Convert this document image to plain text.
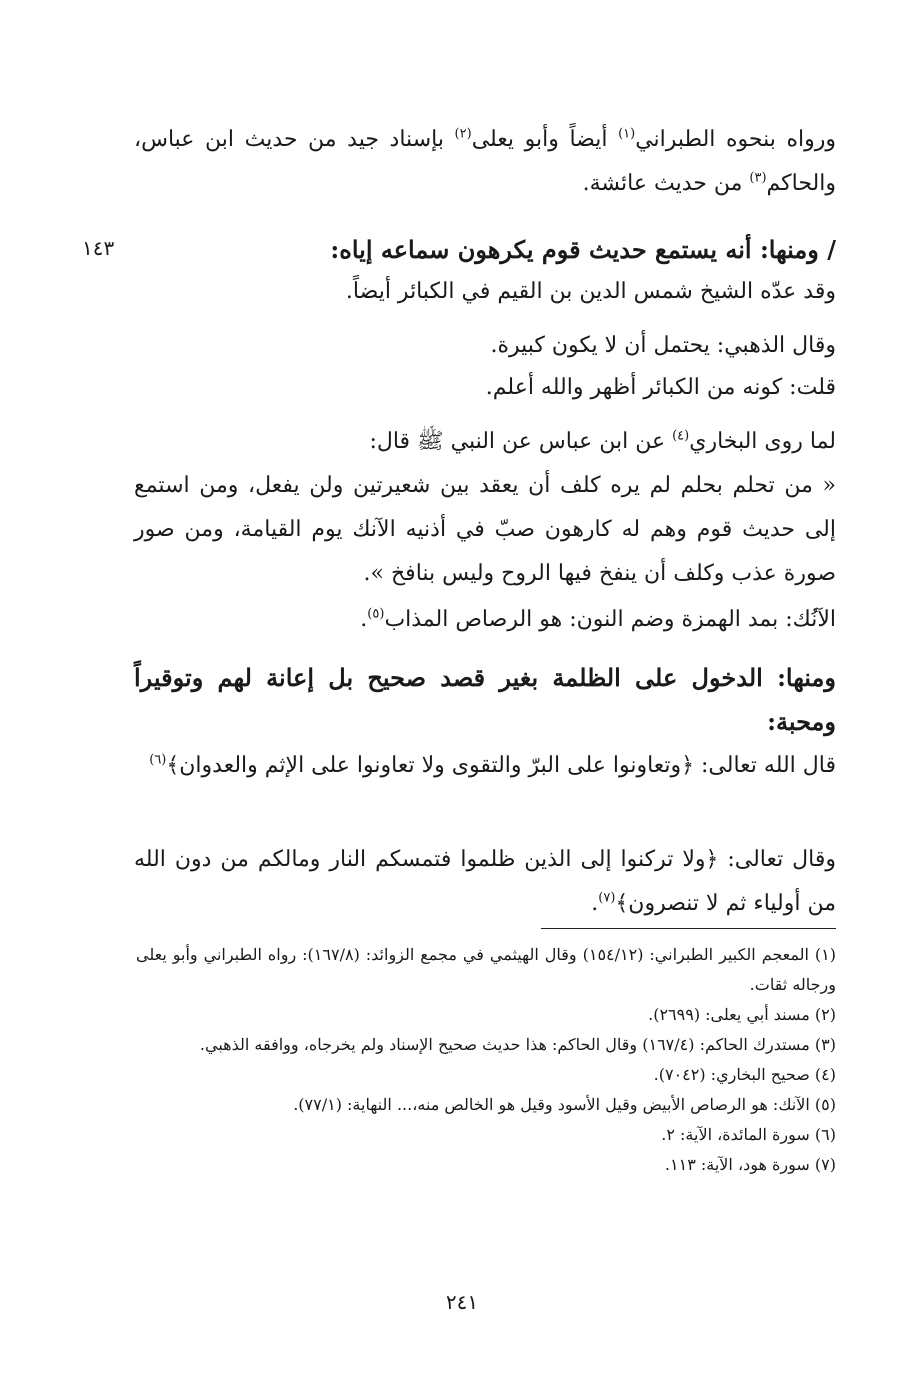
١٤٣

ورواه بنحوه الطبراني$^{(١)}$ أيضاً وأبو يعلى$^{(٢)}$ بإسناد جيد من حديث ابن عباس، والحاكم$^{(٣)}$ من حديث عائشة.

/ ومنها: أنه يستمع حديث قوم يكرهون سماعه إياه:

وقد عدّه الشيخ شمس الدين بن القيم في الكبائر أيضاً.

وقال الذهبي: يحتمل أن لا يكون كبيرة.

قلت: كونه من الكبائر أظهر والله أعلم.

لما روى البخاري$^{(٤)}$ عن ابن عباس عن النبي ﷺ قال:

« من تحلم بحلم لم يره كلف أن يعقد بين شعيرتين ولن يفعل، ومن استمع إلى حديث قوم وهم له كارهون صبّ في أذنيه الآنك يوم القيامة، ومن صور صورة عذب وكلف أن ينفخ فيها الروح وليس بنافخ ».

الآنُك: بمد الهمزة وضم النون: هو الرصاص المذاب$^{(٥)}$.

ومنها: الدخول على الظلمة بغير قصد صحيح بل إعانة لهم وتوقيراً ومحبة:

قال الله تعالى: ﴿وتعاونوا على البرّ والتقوى ولا تعاونوا على الإثم والعدوان﴾$^{(٦)}$

وقال تعالى: ﴿ولا تركنوا إلى الذين ظلموا فتمسكم النار ومالكم من دون الله من أولياء ثم لا تنصرون﴾$^{(٧)}$.

(١) المعجم الكبير الطبراني: (١٥٤/١٢) وقال الهيثمي في مجمع الزوائد: (١٦٧/٨): رواه الطبراني وأبو يعلى ورجاله ثقات.

(٢) مسند أبي يعلى: (٢٦٩٩).

(٣) مستدرك الحاكم: (١٦٧/٤) وقال الحاكم: هذا حديث صحيح الإسناد ولم يخرجاه، ووافقه الذهبي.

(٤) صحيح البخاري: (٧٠٤٢).

(٥) الآنك: هو الرصاص الأبيض وقيل الأسود وقيل هو الخالص منه،... النهاية: (٧٧/١).

(٦) سورة المائدة، الآية: ٢.

(٧) سورة هود، الآية: ١١٣.

٢٤١
